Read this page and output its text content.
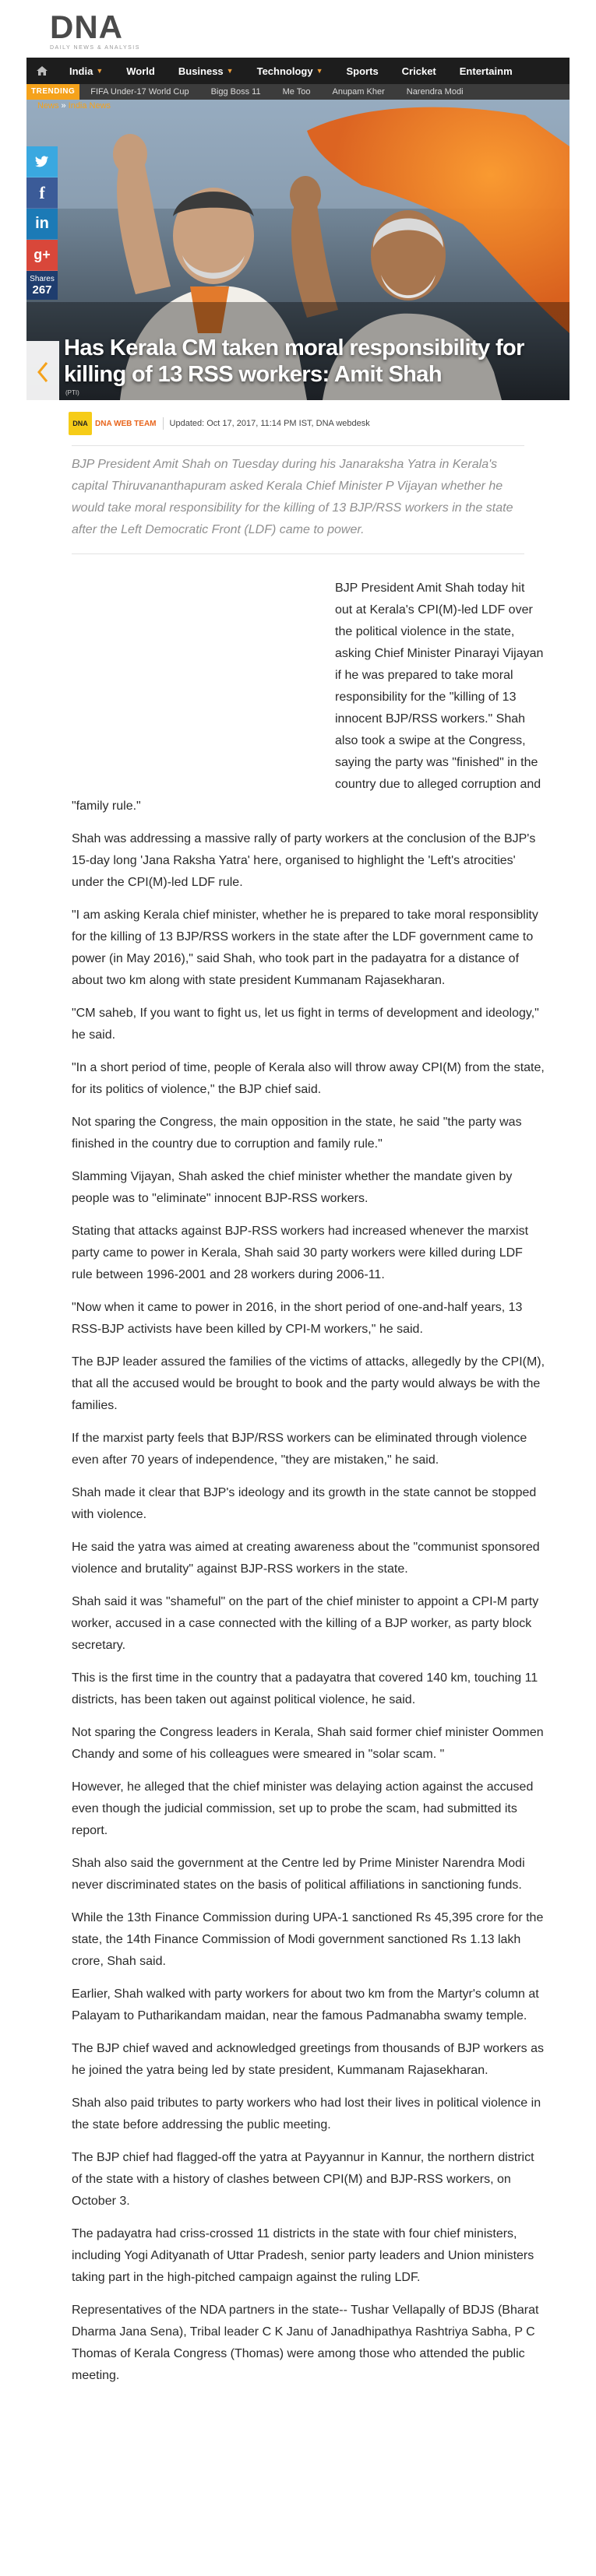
DNA
DAILY NEWS & ANALYSIS
India ▼ World Business ▼ Technology ▼ Sports Cricket Entertainm
TRENDING	FIFA Under-17 World Cup	Bigg Boss 11	Me Too	Anupam Kher	Narendra Modi
News » India News
f
in
g+
Shares
267
Has Kerala CM taken moral responsibility for killing of 13 RSS workers: Amit Shah
(PTI)
DNA DNA WEB TEAM Updated: Oct 17, 2017, 11:14 PM IST, DNA webdesk

BJP President Amit Shah on Tuesday during his Janaraksha Yatra in Kerala's capital Thiruvananthapuram asked Kerala Chief Minister P Vijayan whether he would take moral responsibility for the killing of 13 BJP/RSS workers in the state after the Left Democratic Front (LDF) came to power.

BJP President Amit Shah today hit out at Kerala's CPI(M)-led LDF over the political violence in the state, asking Chief Minister Pinarayi Vijayan if he was prepared to take moral responsibility for the "killing of 13 innocent BJP/RSS workers." Shah also took a swipe at the Congress, saying the party was "finished" in the country due to alleged corruption and "family rule."

Shah was addressing a massive rally of party workers at the conclusion of the BJP's 15-day long 'Jana Raksha Yatra' here, organised to highlight the 'Left's atrocities' under the CPI(M)-led LDF rule.

"I am asking Kerala chief minister, whether he is prepared to take moral responsiblity for the killing of 13 BJP/RSS workers in the state after the LDF government came to power (in May 2016)," said Shah, who took part in the padayatra for a distance of about two km along with state president Kummanam Rajasekharan.

"CM saheb, If you want to fight us, let us fight in terms of development and ideology," he said.

"In a short period of time, people of Kerala also will throw away CPI(M) from the state, for its politics of violence," the BJP chief said.

Not sparing the Congress, the main opposition in the state, he said "the party was finished in the country due to corruption and family rule."

Slamming Vijayan, Shah asked the chief minister whether the mandate given by people was to "eliminate" innocent BJP-RSS workers.

Stating that attacks against BJP-RSS workers had increased whenever the marxist party came to power in Kerala, Shah said 30 party workers were killed during LDF rule between 1996-2001 and 28 workers during 2006-11.

"Now when it came to power in 2016, in the short period of one-and-half years, 13 RSS-BJP activists have been killed by CPI-M workers," he said.

The BJP leader assured the families of the victims of attacks, allegedly by the CPI(M), that all the accused would be brought to book and the party would always be with the families.

If the marxist party feels that BJP/RSS workers can be eliminated through violence even after 70 years of independence, "they are mistaken," he said.

Shah made it clear that BJP's ideology and its growth in the state cannot be stopped with violence.

He said the yatra was aimed at creating awareness about the "communist sponsored violence and brutality" against BJP-RSS workers in the state.

Shah said it was "shameful" on the part of the chief minister to appoint a CPI-M party worker, accused in a case connected with the killing of a BJP worker, as party block secretary.

This is the first time in the country that a padayatra that covered 140 km, touching 11 districts, has been taken out against political violence, he said.

Not sparing the Congress leaders in Kerala, Shah said former chief minister Oommen Chandy and some of his colleagues were smeared in "solar scam. "

However, he alleged that the chief minister was delaying action against the accused even though the judicial commission, set up to probe the scam, had submitted its report.

Shah also said the government at the Centre led by Prime Minister Narendra Modi never discriminated states on the basis of political affiliations in sanctioning funds.

While the 13th Finance Commission during UPA-1 sanctioned Rs 45,395 crore for the state, the 14th Finance Commission of Modi government sanctioned Rs 1.13 lakh crore, Shah said.

Earlier, Shah walked with party workers for about two km from the Martyr's column at Palayam to Putharikandam maidan, near the famous Padmanabha swamy temple.

The BJP chief waved and acknowledged greetings from thousands of BJP workers as he joined the yatra being led by state president, Kummanam Rajasekharan.

Shah also paid tributes to party workers who had lost their lives in political violence in the state before addressing the public meeting.

The BJP chief had flagged-off the yatra at Payyannur in Kannur, the northern district of the state with a history of clashes between CPI(M) and BJP-RSS workers, on October 3.

The padayatra had criss-crossed 11 districts in the state with four chief ministers, including Yogi Adityanath of Uttar Pradesh, senior party leaders and Union ministers taking part in the high-pitched campaign against the ruling LDF.

Representatives of the NDA partners in the state-- Tushar Vellapally of BDJS (Bharat Dharma Jana Sena), Tribal leader C K Janu of Janadhipathya Rashtriya Sabha, P C Thomas of Kerala Congress (Thomas) were among those who attended the public meeting.
